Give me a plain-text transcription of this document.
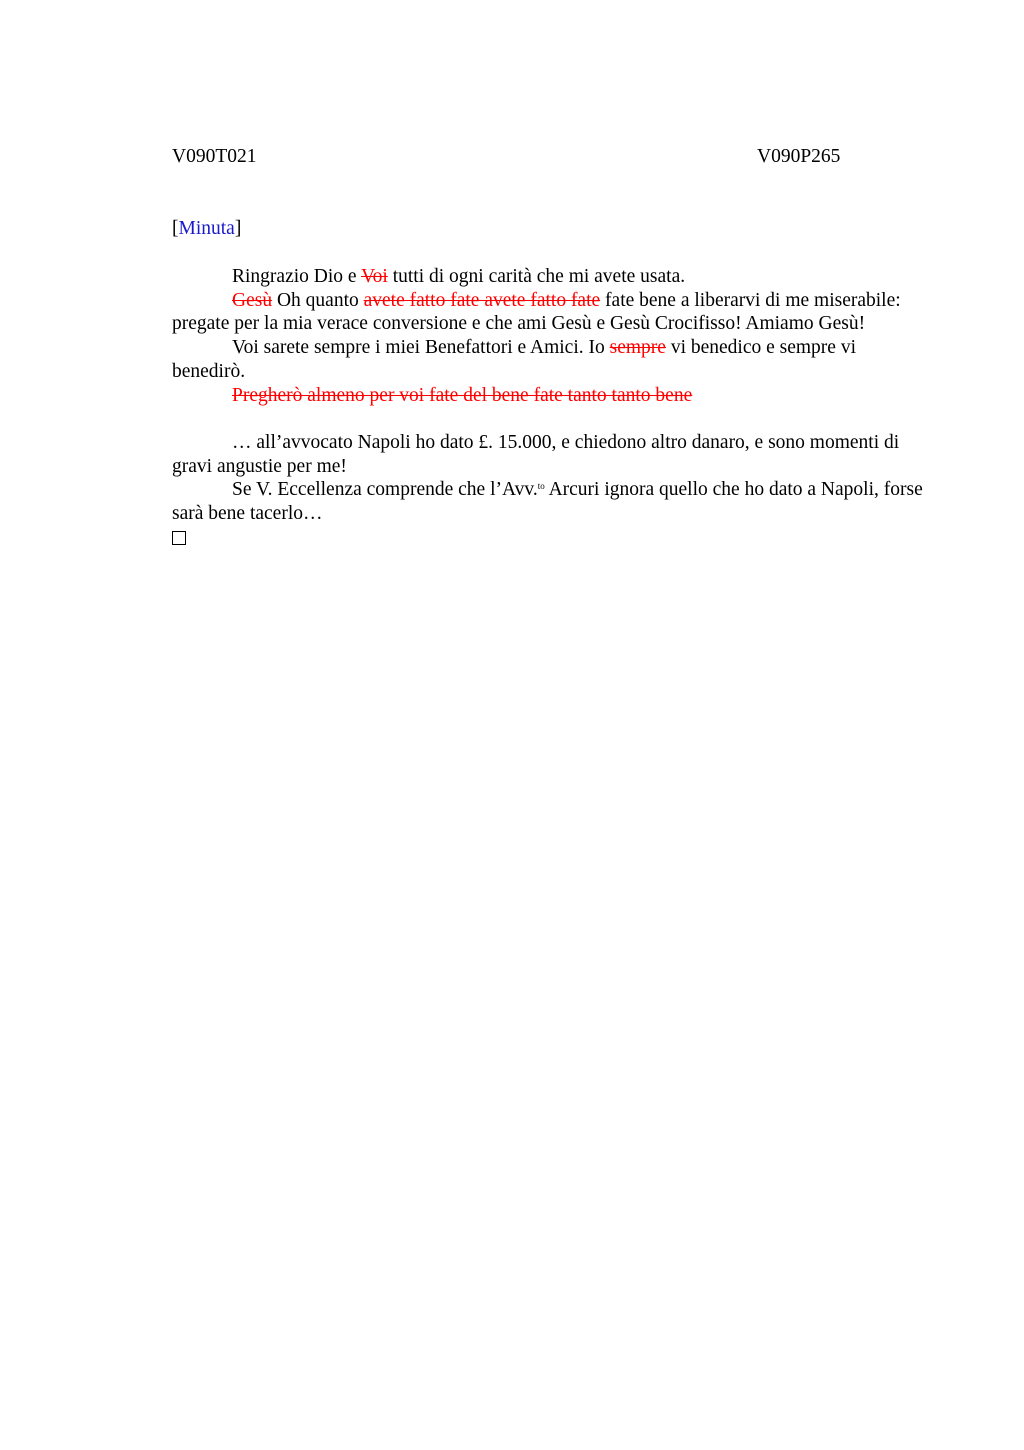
V090T021	V090P265
[Minuta]

Ringrazio Dio e Voi tutti di ogni carità che mi avete usata.

Gesù Oh quanto avete fatto fate avete fatto fate fate bene a liberarvi di me miserabile: pregate per la mia verace conversione e che ami Gesù e Gesù Crocifisso! Amiamo Gesù!

Voi sarete sempre i miei Benefattori e Amici. Io sempre vi benedico e sempre vi benedirò.

Pregherò almeno per voi fate del bene fate tanto tanto bene

… all’avvocato Napoli ho dato £. 15.000, e chiedono altro danaro, e sono momenti di gravi angustie per me!

Se V. Eccellenza comprende che l’Avv.$^{to}$ Arcuri ignora quello che ho dato a Napoli, forse sarà bene tacerlo…
